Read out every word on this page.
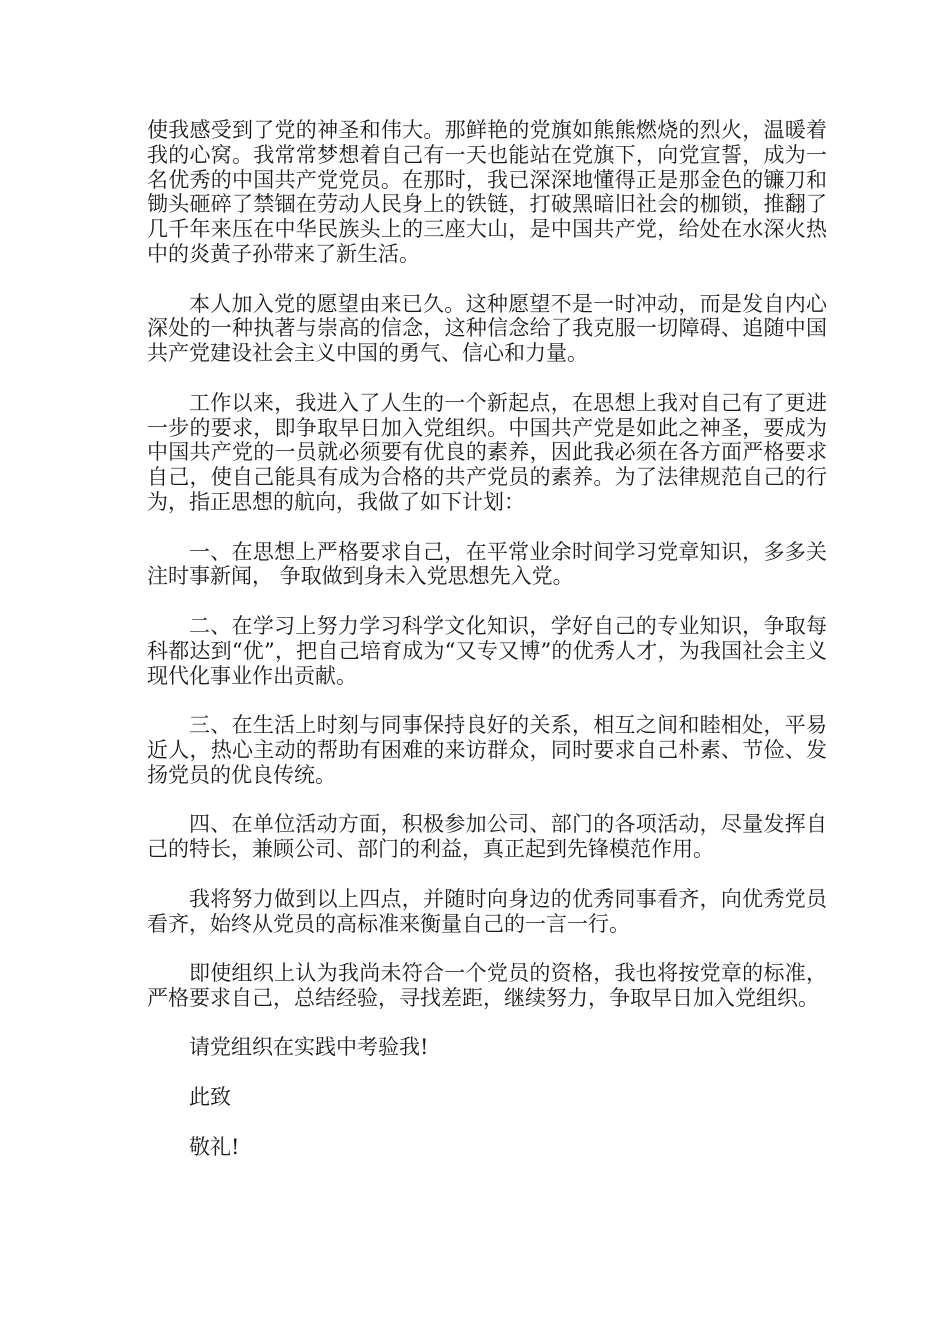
使我感受到了党的神圣和伟大。那鲜艳的党旗如熊熊燃烧的烈火，温暖着我的心窝。我常常梦想着自己有一天也能站在党旗下，向党宣誓，成为一名优秀的中国共产党党员。在那时，我已深深地懂得正是那金色的镰刀和锄头砸碎了禁锢在劳动人民身上的铁链，打破黑暗旧社会的枷锁，推翻了几千年来压在中华民族头上的三座大山，是中国共产党，给处在水深火热中的炎黄子孙带来了新生活。

本人加入党的愿望由来已久。这种愿望不是一时冲动，而是发自内心深处的一种执著与崇高的信念，这种信念给了我克服一切障碍、追随中国共产党建设社会主义中国的勇气、信心和力量。

工作以来，我进入了人生的一个新起点，在思想上我对自己有了更进一步的要求，即争取早日加入党组织。中国共产党是如此之神圣，要成为中国共产党的一员就必须要有优良的素养，因此我必须在各方面严格要求自己，使自己能具有成为合格的共产党员的素养。为了法律规范自己的行为，指正思想的航向，我做了如下计划：

一、在思想上严格要求自己，在平常业余时间学习党章知识，多多关注时事新闻， 争取做到身未入党思想先入党。

二、在学习上努力学习科学文化知识，学好自己的专业知识，争取每科都达到“优”，把自己培育成为“又专又博”的优秀人才，为我国社会主义现代化事业作出贡献。

三、在生活上时刻与同事保持良好的关系，相互之间和睦相处，平易近人，热心主动的帮助有困难的来访群众，同时要求自己朴素、节俭、发扬党员的优良传统。

四、在单位活动方面，积极参加公司、部门的各项活动，尽量发挥自己的特长，兼顾公司、部门的利益，真正起到先锋模范作用。

我将努力做到以上四点，并随时向身边的优秀同事看齐，向优秀党员看齐，始终从党员的高标准来衡量自己的一言一行。

即使组织上认为我尚未符合一个党员的资格，我也将按党章的标准，严格要求自己，总结经验，寻找差距，继续努力，争取早日加入党组织。

请党组织在实践中考验我!

此致

敬礼!
